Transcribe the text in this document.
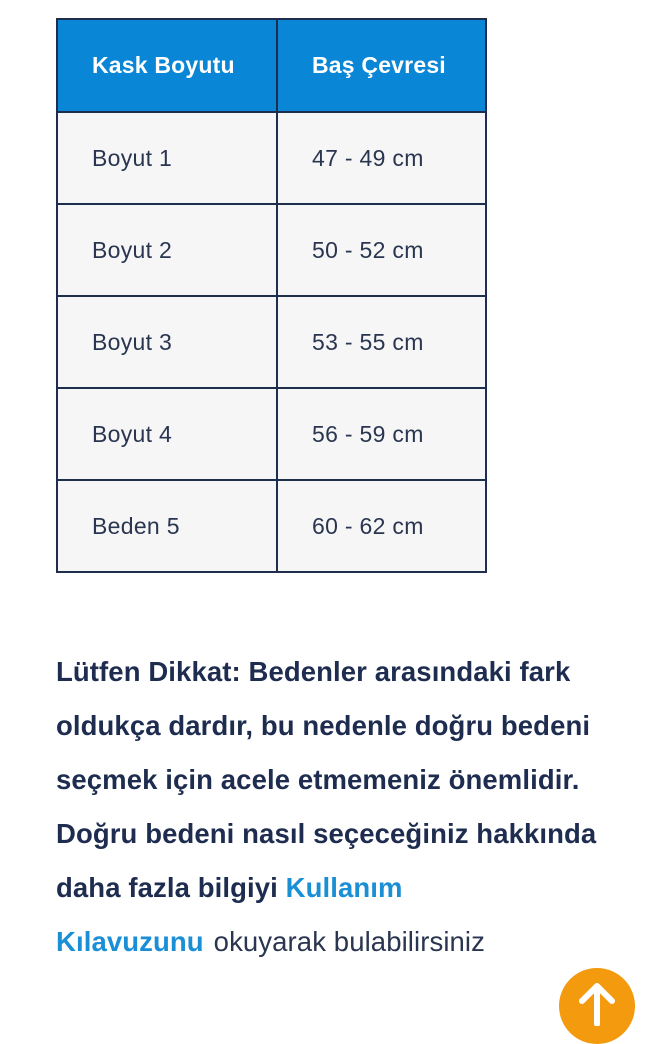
Kask Boyutu	Baş Çevresi
Boyut 1	47 - 49 cm
Boyut 2	50 - 52 cm
Boyut 3	53 - 55 cm
Boyut 4	56 - 59 cm
Beden 5	60 - 62 cm

Lütfen Dikkat: Bedenler arasındaki fark oldukça dardır, bu nedenle doğru bedeni seçmek için acele etmemeniz önemlidir. Doğru bedeni nasıl seçeceğiniz hakkında daha fazla bilgiyi Kullanım Kılavuzunu okuyarak bulabilirsiniz
